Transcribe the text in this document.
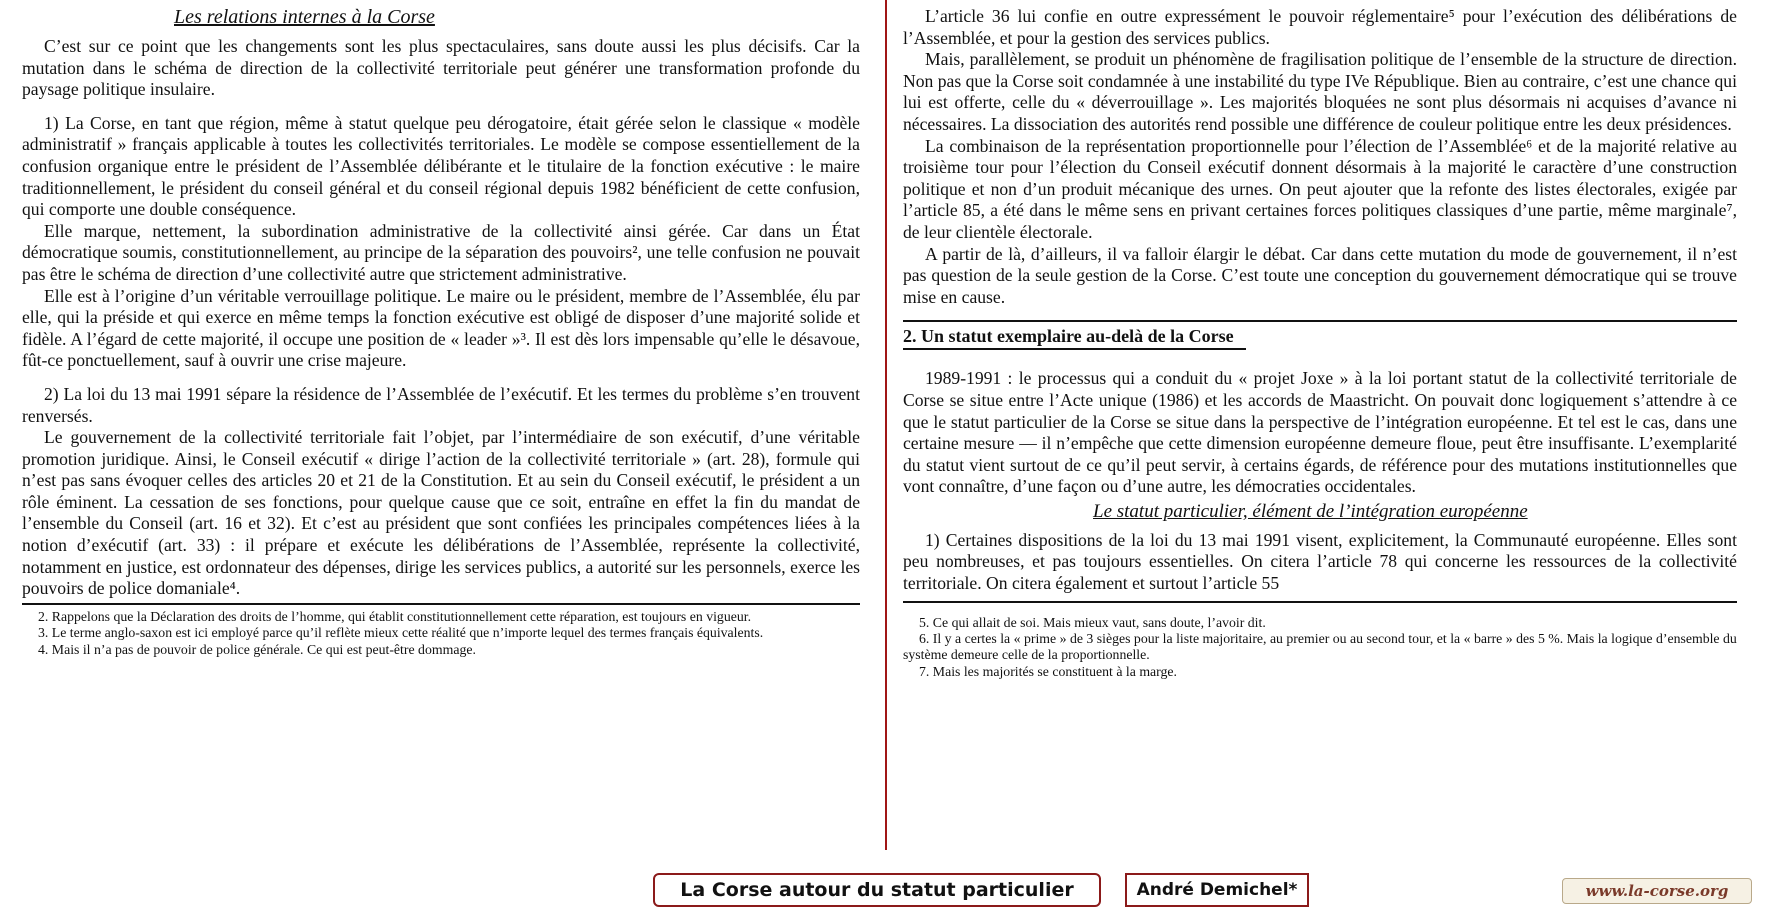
Les relations internes à la Corse

C’est sur ce point que les changements sont les plus spectaculaires, sans doute aussi les plus décisifs. Car la mutation dans le schéma de direction de la collectivité territoriale peut générer une transformation profonde du paysage politique insulaire.

1) La Corse, en tant que région, même à statut quelque peu dérogatoire, était gérée selon le classique « modèle administratif » français applicable à toutes les collectivités territoriales. Le modèle se compose essentiellement de la confusion organique entre le président de l’Assemblée délibérante et le titulaire de la fonction exécutive : le maire traditionnellement, le président du conseil général et du conseil régional depuis 1982 bénéficient de cette confusion, qui comporte une double conséquence.

Elle marque, nettement, la subordination administrative de la collectivité ainsi gérée. Car dans un État démocratique soumis, constitutionnellement, au principe de la séparation des pouvoirs², une telle confusion ne pouvait pas être le schéma de direction d’une collectivité autre que strictement administrative.

Elle est à l’origine d’un véritable verrouillage politique. Le maire ou le président, membre de l’Assemblée, élu par elle, qui la préside et qui exerce en même temps la fonction exécutive est obligé de disposer d’une majorité solide et fidèle. A l’égard de cette majorité, il occupe une position de « leader »³. Il est dès lors impensable qu’elle le désavoue, fût-ce ponctuellement, sauf à ouvrir une crise majeure.

2) La loi du 13 mai 1991 sépare la résidence de l’Assemblée de l’exécutif. Et les termes du problème s’en trouvent renversés.

Le gouvernement de la collectivité territoriale fait l’objet, par l’intermédiaire de son exécutif, d’une véritable promotion juridique. Ainsi, le Conseil exécutif « dirige l’action de la collectivité territoriale » (art. 28), formule qui n’est pas sans évoquer celles des articles 20 et 21 de la Constitution. Et au sein du Conseil exécutif, le président a un rôle éminent. La cessation de ses fonctions, pour quelque cause que ce soit, entraîne en effet la fin du mandat de l’ensemble du Conseil (art. 16 et 32). Et c’est au président que sont confiées les principales compétences liées à la notion d’exécutif (art. 33) : il prépare et exécute les délibérations de l’Assemblée, représente la collectivité, notamment en justice, est ordonnateur des dépenses, dirige les services publics, a autorité sur les personnels, exerce les pouvoirs de police domaniale⁴.

2. Rappelons que la Déclaration des droits de l’homme, qui établit constitutionnellement cette réparation, est toujours en vigueur.

3. Le terme anglo-saxon est ici employé parce qu’il reflète mieux cette réalité que n’importe lequel des termes français équivalents.

4. Mais il n’a pas de pouvoir de police générale. Ce qui est peut-être dommage.

L’article 36 lui confie en outre expressément le pouvoir réglementaire⁵ pour l’exécution des délibérations de l’Assemblée, et pour la gestion des services publics.

Mais, parallèlement, se produit un phénomène de fragilisation politique de l’ensemble de la structure de direction. Non pas que la Corse soit condamnée à une instabilité du type IVe République. Bien au contraire, c’est une chance qui lui est offerte, celle du « déverrouillage ». Les majorités bloquées ne sont plus désormais ni acquises d’avance ni nécessaires. La dissociation des autorités rend possible une différence de couleur politique entre les deux présidences.

La combinaison de la représentation proportionnelle pour l’élection de l’Assemblée⁶ et de la majorité relative au troisième tour pour l’élection du Conseil exécutif donnent désormais à la majorité le caractère d’une construction politique et non d’un produit mécanique des urnes. On peut ajouter que la refonte des listes électorales, exigée par l’article 85, a été dans le même sens en privant certaines forces politiques classiques d’une partie, même marginale⁷, de leur clientèle électorale.

A partir de là, d’ailleurs, il va falloir élargir le débat. Car dans cette mutation du mode de gouvernement, il n’est pas question de la seule gestion de la Corse. C’est toute une conception du gouvernement démocratique qui se trouve mise en cause.

2. Un statut exemplaire au-delà de la Corse

1989-1991 : le processus qui a conduit du « projet Joxe » à la loi portant statut de la collectivité territoriale de Corse se situe entre l’Acte unique (1986) et les accords de Maastricht. On pouvait donc logiquement s’attendre à ce que le statut particulier de la Corse se situe dans la perspective de l’intégration européenne. Et tel est le cas, dans une certaine mesure — il n’empêche que cette dimension européenne demeure floue, peut être insuffisante. L’exemplarité du statut vient surtout de ce qu’il peut servir, à certains égards, de référence pour des mutations institutionnelles que vont connaître, d’une façon ou d’une autre, les démocraties occidentales.

Le statut particulier, élément de l’intégration européenne

1) Certaines dispositions de la loi du 13 mai 1991 visent, explicitement, la Communauté européenne. Elles sont peu nombreuses, et pas toujours essentielles. On citera l’article 78 qui concerne les ressources de la collectivité territoriale. On citera également et surtout l’article 55

5. Ce qui allait de soi. Mais mieux vaut, sans doute, l’avoir dit.

6. Il y a certes la « prime » de 3 sièges pour la liste majoritaire, au premier ou au second tour, et la « barre » des 5 %. Mais la logique d’ensemble du système demeure celle de la proportionnelle.

7. Mais les majorités se constituent à la marge.

La Corse autour du statut particulier	André Demichel*	www.la-corse.org
